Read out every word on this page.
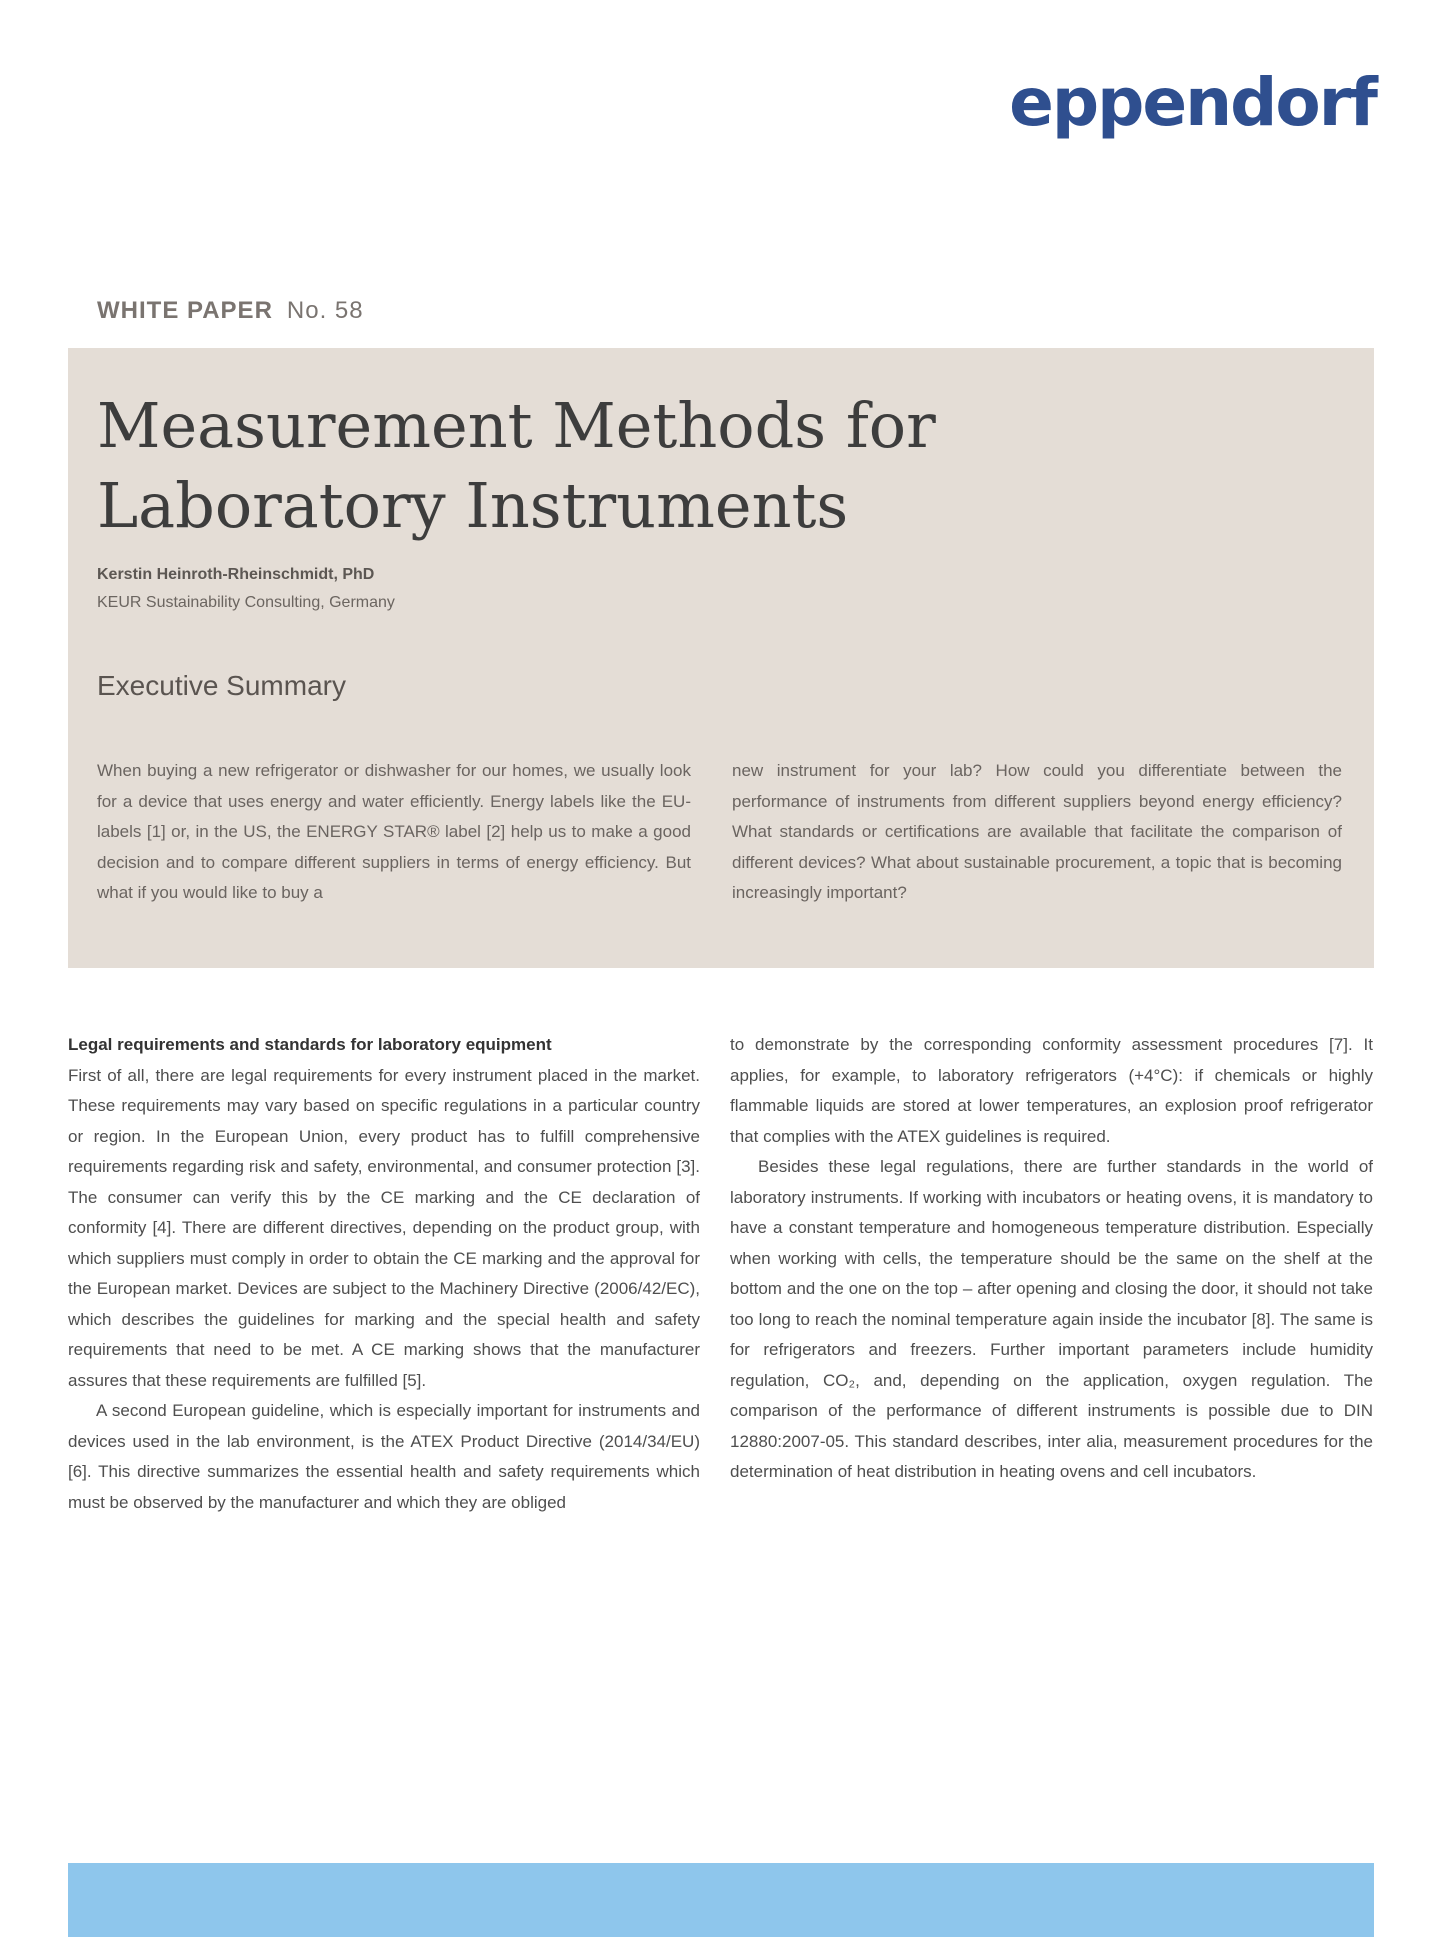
eppendorf
WHITE PAPER No. 58
Measurement Methods for
Laboratory Instruments
Kerstin Heinroth-Rheinschmidt, PhD
KEUR Sustainability Consulting, Germany
Executive Summary
When buying a new refrigerator or dishwasher for our homes, we usually look for a device that uses energy and water efficiently. Energy labels like the EU-labels [1] or, in the US, the ENERGY STAR® label [2] help us to make a good decision and to compare different suppliers in terms of energy efficiency. But what if you would like to buy a
new instrument for your lab? How could you differentiate between the performance of instruments from different suppliers beyond energy efficiency? What standards or certifications are available that facilitate the comparison of different devices? What about sustainable procurement, a topic that is becoming increasingly important?
Legal requirements and standards for laboratory equipment
First of all, there are legal requirements for every instrument placed in the market. These requirements may vary based on specific regulations in a particular country or region. In the European Union, every product has to fulfill comprehensive requirements regarding risk and safety, environmental, and consumer protection [3]. The consumer can verify this by the CE marking and the CE declaration of conformity [4]. There are different directives, depending on the product group, with which suppliers must comply in order to obtain the CE marking and the approval for the European market. Devices are subject to the Machinery Directive (2006/42/EC), which describes the guidelines for marking and the special health and safety requirements that need to be met. A CE marking shows that the manufacturer assures that these requirements are fulfilled [5].
A second European guideline, which is especially important for instruments and devices used in the lab environment, is the ATEX Product Directive (2014/34/EU) [6]. This directive summarizes the essential health and safety requirements which must be observed by the manufacturer and which they are obliged
to demonstrate by the corresponding conformity assessment procedures [7]. It applies, for example, to laboratory refrigerators (+4°C): if chemicals or highly flammable liquids are stored at lower temperatures, an explosion proof refrigerator that complies with the ATEX guidelines is required.
Besides these legal regulations, there are further standards in the world of laboratory instruments. If working with incubators or heating ovens, it is mandatory to have a constant temperature and homogeneous temperature distribution. Especially when working with cells, the temperature should be the same on the shelf at the bottom and the one on the top – after opening and closing the door, it should not take too long to reach the nominal temperature again inside the incubator [8]. The same is for refrigerators and freezers. Further important parameters include humidity regulation, CO₂, and, depending on the application, oxygen regulation. The comparison of the performance of different instruments is possible due to DIN 12880:2007-05. This standard describes, inter alia, measurement procedures for the determination of heat distribution in heating ovens and cell incubators.
